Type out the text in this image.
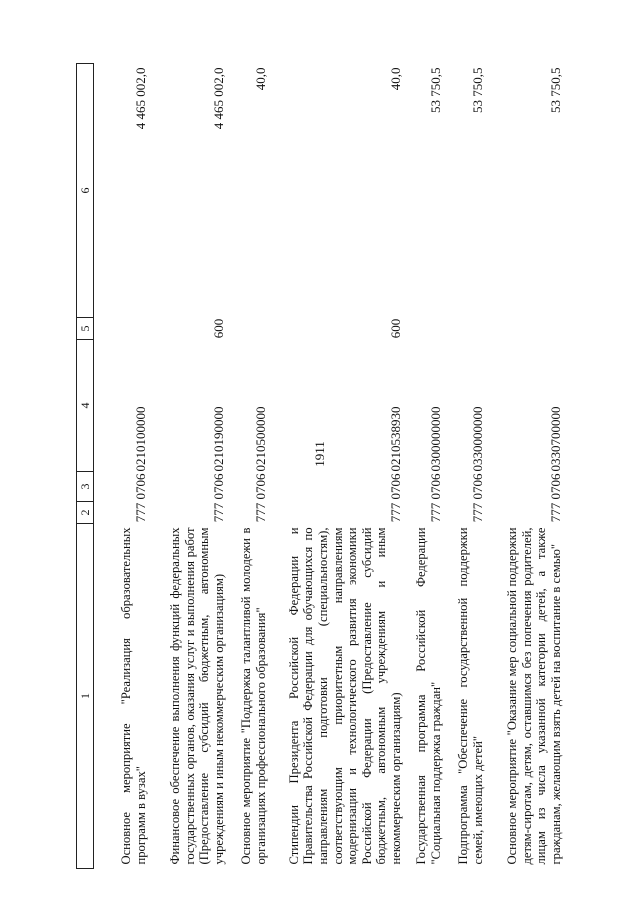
1911
1	2	3	4	5	6
Основное мероприятие "Реализация образовательных программ в вузах"	777	0706	0210100000		4 465 002,0
Финансовое обеспечение выполнения функций федеральных государственных органов, оказания услуг и выполнения работ (Предоставление субсидий бюджетным, автономным учреждениям и иным некоммерческим организациям)	777	0706	0210190000	600	4 465 002,0
Основное мероприятие "Поддержка талантливой молодежи в организациях профессионального образования"	777	0706	0210500000		40,0
Стипендии Президента Российской Федерации и Правительства Российской Федерации для обучающихся по направлениям подготовки (специальностям), соответствующим приоритетным направлениям модернизации и технологического развития экономики Российской Федерации (Предоставление субсидий бюджетным, автономным учреждениям и иным некоммерческим организациям)	777	0706	0210538930	600	40,0
Государственная программа Российской Федерации "Социальная поддержка граждан"	777	0706	0300000000		53 750,5
Подпрограмма "Обеспечение государственной поддержки семей, имеющих детей"	777	0706	0330000000		53 750,5
Основное мероприятие "Оказание мер социальной поддержки детям-сиротам, детям, оставшимся без попечения родителей, лицам из числа указанной категории детей, а также гражданам, желающим взять детей на воспитание в семью"	777	0706	0330700000		53 750,5
